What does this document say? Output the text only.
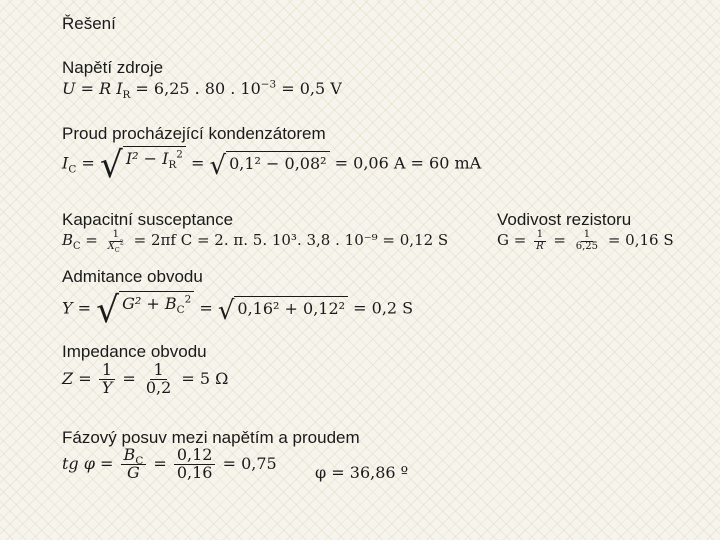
Řešení
Napětí zdroje
U = R $I_R = 6,25$ . 80 . $10^{-3} = 0,5$ V
Proud procházející kondenzátorem
$I_C$ = √ $I^2 - I_R^2$ = √ 0,1² − 0,08² = 0,06 A = 60 mA
Kapacitní susceptance
$B_C = \frac{1}{X_C^2} = 2\pi f$ C = 2. π. 5. 10³. 3,8 . 10⁻⁹ = 0,12 S
Vodivost rezistoru
$G = \frac{1}{R} = \frac{1}{6,25} = 0,16$ S
Admitance obvodu
Y = √ $G^2 + B_C^2$ = √ 0,16² + 0,12² = 0,2 S
Impedance obvodu
$Z = \frac{1}{Y} = \frac{1}{0,2} = 5$ Ω
Fázový posuv mezi napětím a proudem
tg $\varphi = \frac{B_C}{G} = \frac{0,12}{0,16} = 0,75$ φ = 36,86 º
